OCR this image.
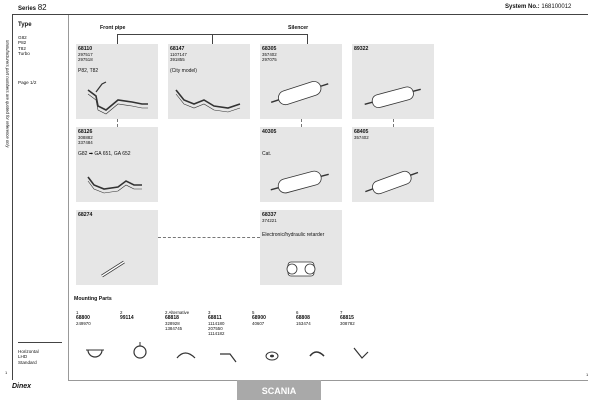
Series 82	System No.: 168100012
Type
G82
P82
T82
Turbo
Page 1/2
Horizontal
LHD
Standard
Manufacturers part numbers are quoted for reference only
Dinex
1
Front pipe	Silencer
68110
297517
297518
P82, T82
68147
1107147
391855
(City model)
68305
357402
297075
89322
68126
308882
337484
G82 ➡ GA 651, GA 652
40305
Cat.
68405
357402
68274	68337
374221
Electronic/hydraulic retarder
Mounting Parts
1
68800
249970
2
99114
2 Alternative
68818
328928
1384745
3
68811
1114180
207550
1114182
5
68900
40607
6
68808
153474
7
68815
308782
SCANIA
1
